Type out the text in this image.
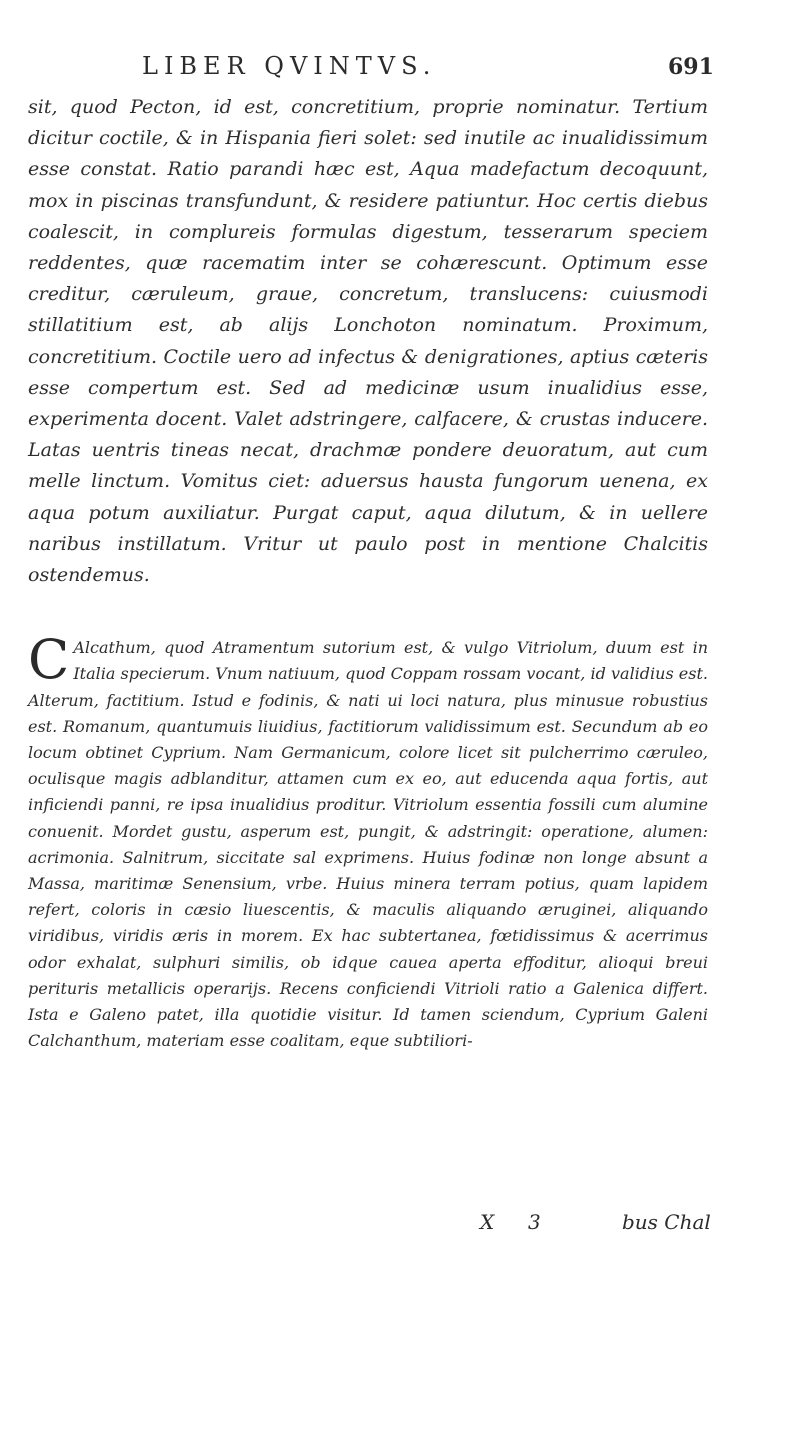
LIBER QVINTVS.	691

sit, quod Pecton, id est, concretitium, proprie nominatur. Tertium dicitur coctile, & in Hispania fieri solet: sed inutile ac inualidissimum esse constat. Ratio parandi hæc est, Aqua madefactum decoquunt, mox in piscinas transfundunt, & residere patiuntur. Hoc certis diebus coalescit, in complureis formulas digestum, tesserarum speciem reddentes, quæ racematim inter se cohærescunt. Optimum esse creditur, cæruleum, graue, concretum, translucens: cuiusmodi stillatitium est, ab alijs Lonchoton nominatum. Proximum, concretitium. Coctile uero ad infectus & denigrationes, aptius cæteris esse compertum est. Sed ad medicinæ usum inualidius esse, experimenta docent. Valet adstringere, calfacere, & crustas inducere. Latas uentris tineas necat, drachmæ pondere deuoratum, aut cum melle linctum. Vomitus ciet: aduersus hausta fungorum uenena, ex aqua potum auxiliatur. Purgat caput, aqua dilutum, & in uellere naribus instillatum. Vritur ut paulo post in mentione Chalcitis ostendemus.

C Alcathum, quod Atramentum sutorium est, & vulgo Vitriolum, duum est in Italia specierum. Vnum natiuum, quod Coppam rossam vocant, id validius est. Alterum, factitium. Istud e fodinis, & nati ui loci natura, plus minusue robustius est. Romanum, quantumuis liuidius, factitiorum validissimum est. Secundum ab eo locum obtinet Cyprium. Nam Germanicum, colore licet sit pulcherrimo cæruleo, oculisque magis adblanditur, attamen cum ex eo, aut educenda aqua fortis, aut inficiendi panni, re ipsa inualidius proditur. Vitriolum essentia fossili cum alumine conuenit. Mordet gustu, asperum est, pungit, & adstringit: operatione, alumen: acrimonia. Salnitrum, siccitate sal exprimens. Huius fodinæ non longe absunt a Massa, maritimæ Senensium, vrbe. Huius minera terram potius, quam lapidem refert, coloris in cæsio liuescentis, & maculis aliquando æruginei, aliquando viridibus, viridis æris in morem. Ex hac subtertanea, fœtidissimus & acerrimus odor exhalat, sulphuri similis, ob idque cauea aperta effoditur, alioqui breui perituris metallicis operarijs. Recens conficiendi Vitrioli ratio a Galenica differt. Ista e Galeno patet, illa quotidie visitur. Id tamen sciendum, Cyprium Galeni Calchanthum, materiam esse coalitam, eque subtiliori-

X 3	bus Chal
